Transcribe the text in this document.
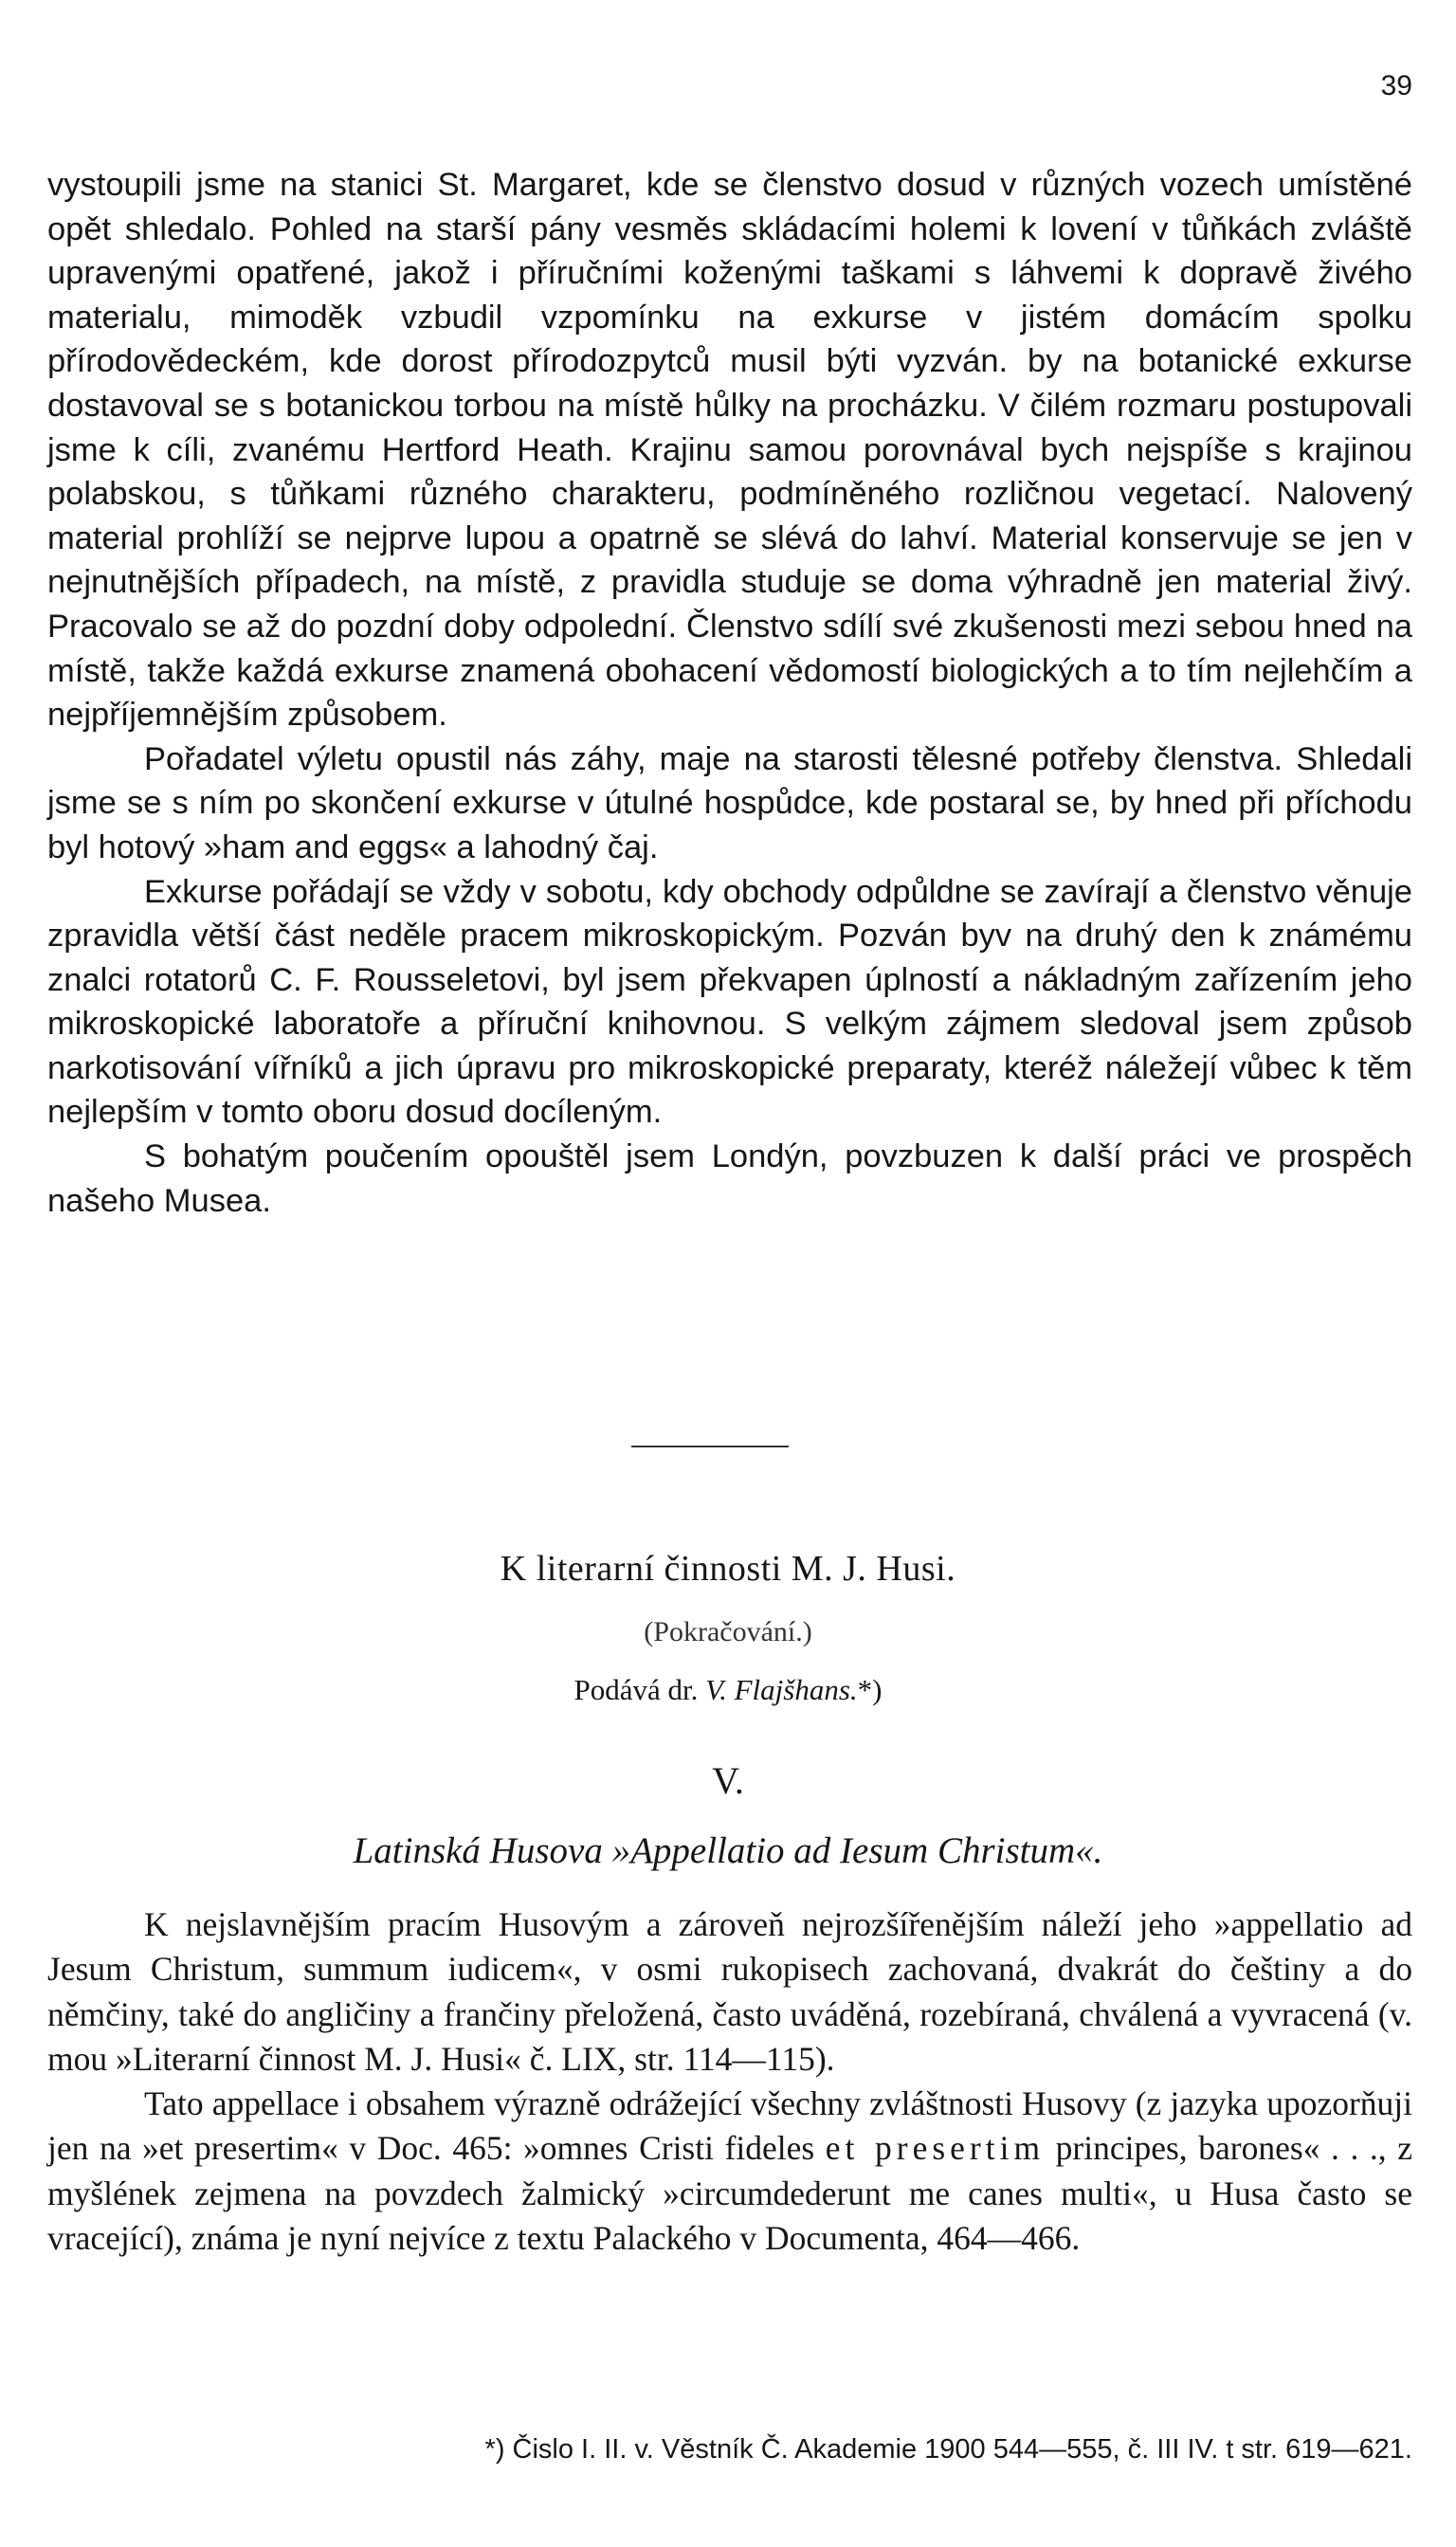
39

vystoupili jsme na stanici St. Margaret, kde se členstvo dosud v různých vozech umístěné opět shledalo. Pohled na starší pány vesměs skládacími holemi k lovení v tůňkách zvláště upravenými opatřené, jakož i příručními koženými taškami s láhvemi k dopravě živého materialu, mimoděk vzbudil vzpomínku na exkurse v jistém domácím spolku přírodovědeckém, kde dorost přírodozpytců musil býti vyzván. by na botanické exkurse dostavoval se s botanickou torbou na místě hůlky na procházku. V čilém rozmaru postupovali jsme k cíli, zvanému Hertford Heath. Krajinu samou porovnával bych nejspíše s krajinou polabskou, s tůňkami různého charakteru, podmíněného rozličnou vegetací. Nalovený material prohlíží se nejprve lupou a opatrně se slévá do lahví. Material konservuje se jen v nejnutnějších případech, na místě, z pravidla studuje se doma výhradně jen material živý. Pracovalo se až do pozdní doby odpolední. Členstvo sdílí své zkušenosti mezi sebou hned na místě, takže každá exkurse znamená obohacení vědomostí biologických a to tím nejlehčím a nejpříjemnějším způsobem.

Pořadatel výletu opustil nás záhy, maje na starosti tělesné potřeby členstva. Shledali jsme se s ním po skončení exkurse v útulné hospůdce, kde postaral se, by hned při příchodu byl hotový »ham and eggs« a lahodný čaj.

Exkurse pořádají se vždy v sobotu, kdy obchody odpůldne se zavírají a členstvo věnuje zpravidla větší část neděle pracem mikroskopickým. Pozván byv na druhý den k známému znalci rotatorů C. F. Rousseletovi, byl jsem překvapen úplností a nákladným zařízením jeho mikroskopické laboratoře a příruční knihovnou. S velkým zájmem sledoval jsem způsob narkotisování vířníků a jich úpravu pro mikroskopické preparaty, kteréž náležejí vůbec k těm nejlepším v tomto oboru dosud docíleným.

S bohatým poučením opouštěl jsem Londýn, povzbuzen k další práci ve prospěch našeho Musea.

K literarní činnosti M. J. Husi.
(Pokračování.)
Podává dr. V. Flajšhans.*)
V.
Latinská Husova »Appellatio ad Iesum Christum«.

K nejslavnějším pracím Husovým a zároveň nejrozšířenějším náleží jeho »appellatio ad Jesum Christum, summum iudicem«, v osmi rukopisech zachovaná, dvakrát do češtiny a do němčiny, také do angličiny a frančiny přeložená, často uváděná, rozebíraná, chválená a vyvracená (v. mou »Literarní činnost M. J. Husi« č. LIX, str. 114—115).

Tato appellace i obsahem výrazně odrážející všechny zvláštnosti Husovy (z jazyka upozorňuji jen na »et presertim« v Doc. 465: »omnes Cristi fideles et presertim principes, barones« . . ., z myšlének zejmena na povzdech žalmický »circumdederunt me canes multi«, u Husa často se vracející), známa je nyní nejvíce z textu Palackého v Documenta, 464—466.

*) Čislo I. II. v. Věstník Č. Akademie 1900 544—555, č. III IV. t str. 619—621.
